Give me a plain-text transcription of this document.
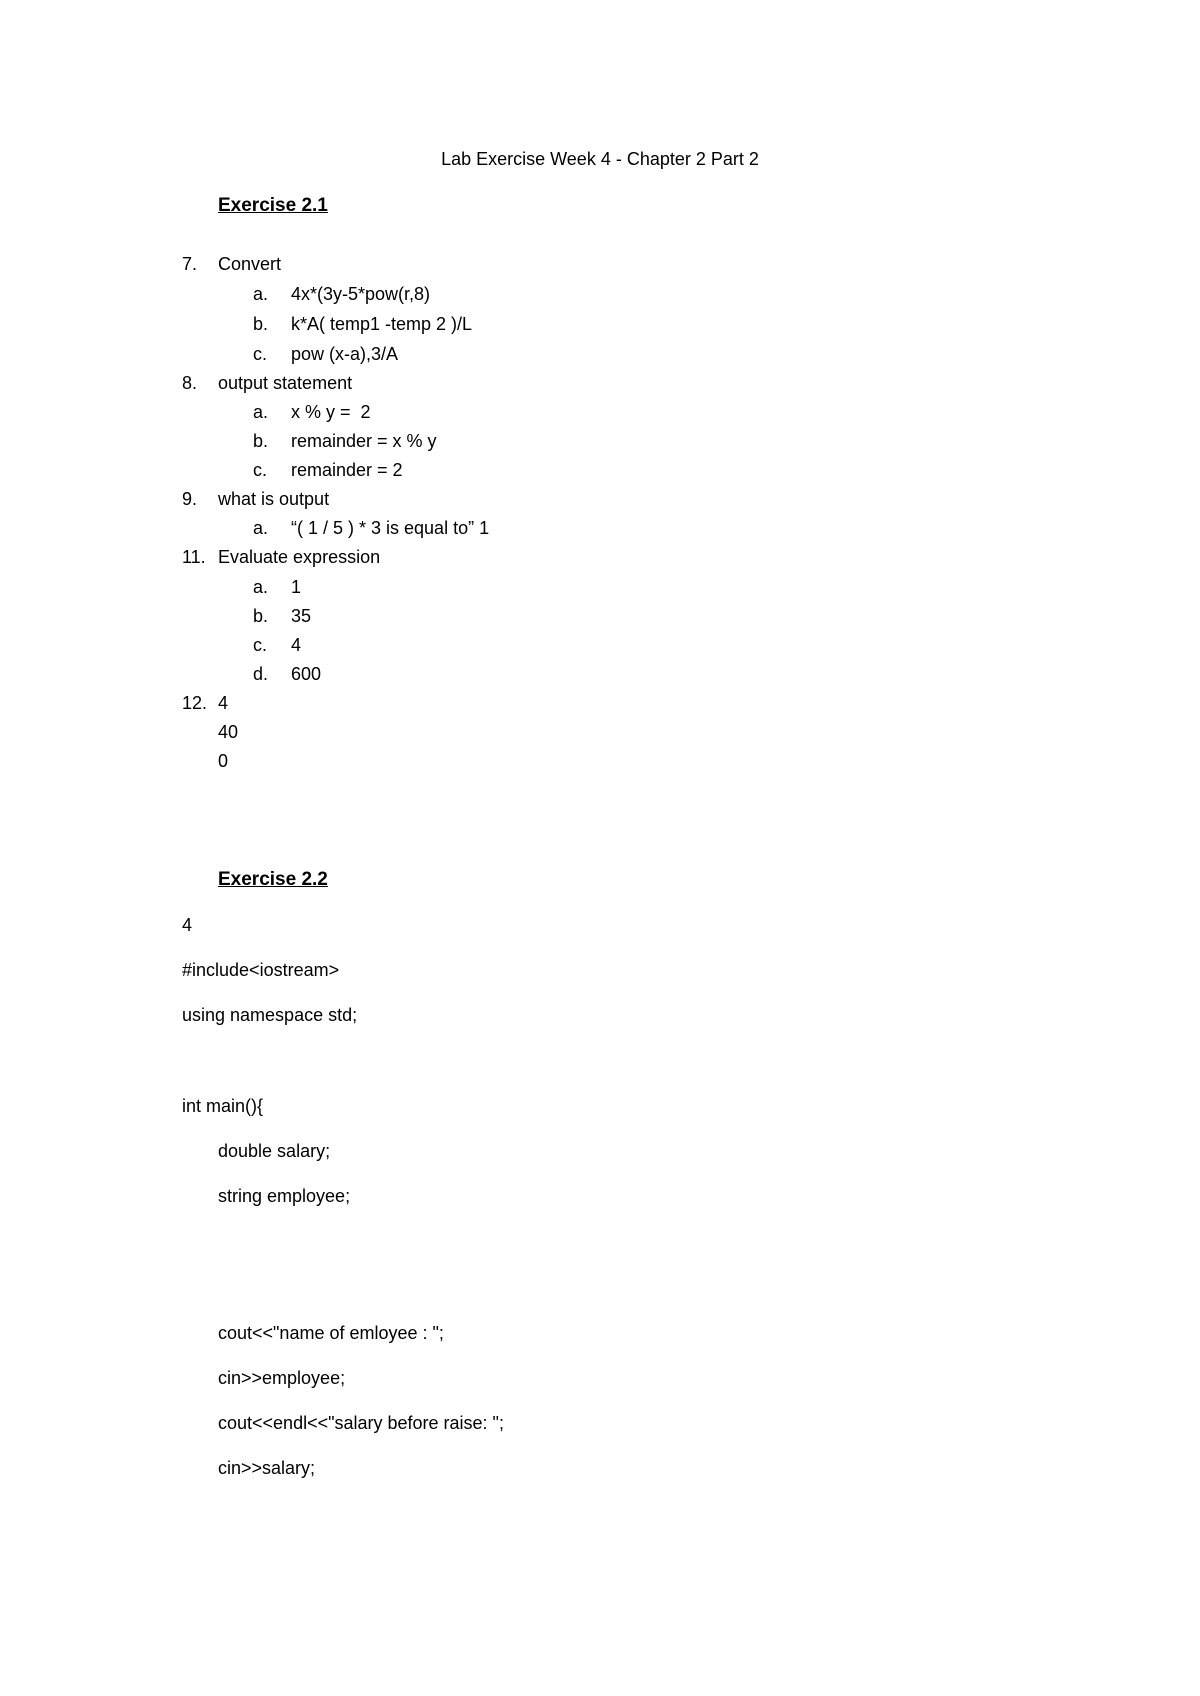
Lab Exercise Week 4 - Chapter 2 Part 2
Exercise 2.1
7. Convert
a. 4x*(3y-5*pow(r,8)
b. k*A( temp1 -temp 2 )/L
c. pow (x-a),3/A
8. output statement
a. x % y =  2
b. remainder = x % y
c. remainder = 2
9. what is output
a. “( 1 / 5 ) * 3 is equal to” 1
11. Evaluate expression
a. 1
b. 35
c. 4
d. 600
12. 4
40
0
Exercise 2.2
4
#include<iostream>
using namespace std;
int main(){
double salary;
string employee;
cout<<"name of emloyee : ";
cin>>employee;
cout<<endl<<"salary before raise: ";
cin>>salary;
